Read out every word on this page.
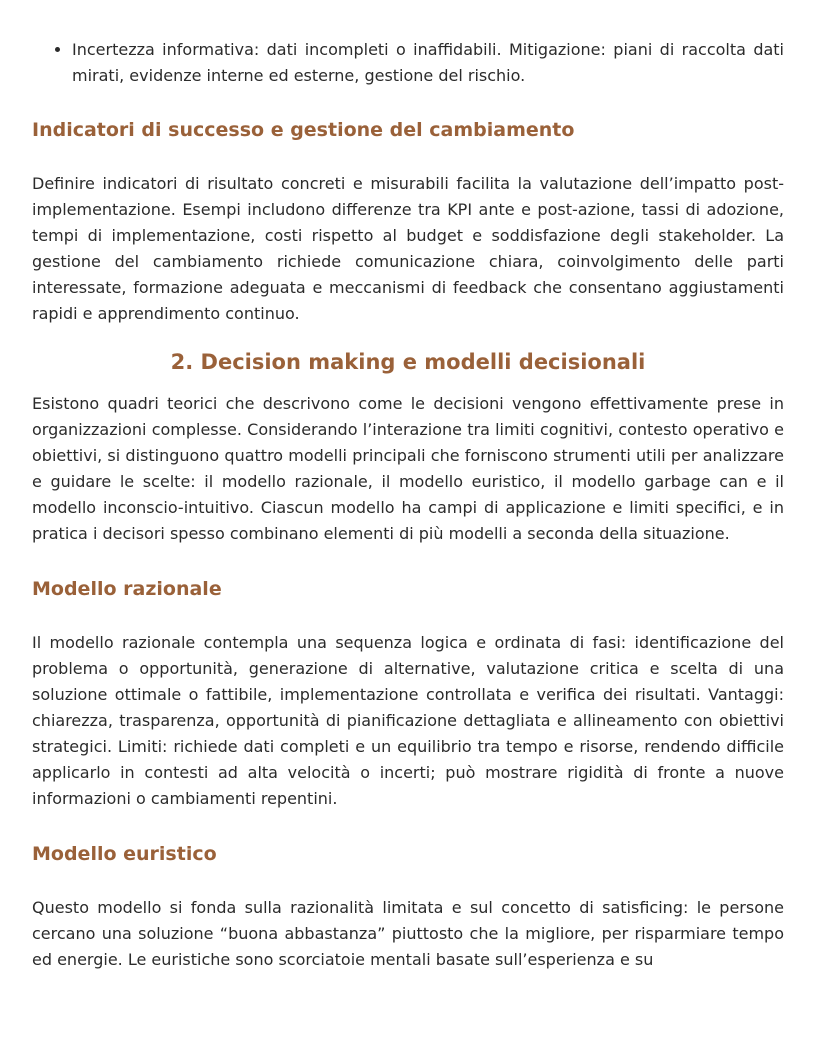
• Incertezza informativa: dati incompleti o inaffidabili. Mitigazione: piani di raccolta dati mirati, evidenze interne ed esterne, gestione del rischio.
Indicatori di successo e gestione del cambiamento

Definire indicatori di risultato concreti e misurabili facilita la valutazione dell’impatto post-implementazione. Esempi includono differenze tra KPI ante e post-azione, tassi di adozione, tempi di implementazione, costi rispetto al budget e soddisfazione degli stakeholder. La gestione del cambiamento richiede comunicazione chiara, coinvolgimento delle parti interessate, formazione adeguata e meccanismi di feedback che consentano aggiustamenti rapidi e apprendimento continuo.

2. Decision making e modelli decisionali

Esistono quadri teorici che descrivono come le decisioni vengono effettivamente prese in organizzazioni complesse. Considerando l’interazione tra limiti cognitivi, contesto operativo e obiettivi, si distinguono quattro modelli principali che forniscono strumenti utili per analizzare e guidare le scelte: il modello razionale, il modello euristico, il modello garbage can e il modello inconscio-intuitivo. Ciascun modello ha campi di applicazione e limiti specifici, e in pratica i decisori spesso combinano elementi di più modelli a seconda della situazione.

Modello razionale

Il modello razionale contempla una sequenza logica e ordinata di fasi: identificazione del problema o opportunità, generazione di alternative, valutazione critica e scelta di una soluzione ottimale o fattibile, implementazione controllata e verifica dei risultati. Vantaggi: chiarezza, trasparenza, opportunità di pianificazione dettagliata e allineamento con obiettivi strategici. Limiti: richiede dati completi e un equilibrio tra tempo e risorse, rendendo difficile applicarlo in contesti ad alta velocità o incerti; può mostrare rigidità di fronte a nuove informazioni o cambiamenti repentini.

Modello euristico

Questo modello si fonda sulla razionalità limitata e sul concetto di satisficing: le persone cercano una soluzione “buona abbastanza” piuttosto che la migliore, per risparmiare tempo ed energie. Le euristiche sono scorciatoie mentali basate sull’esperienza e su
